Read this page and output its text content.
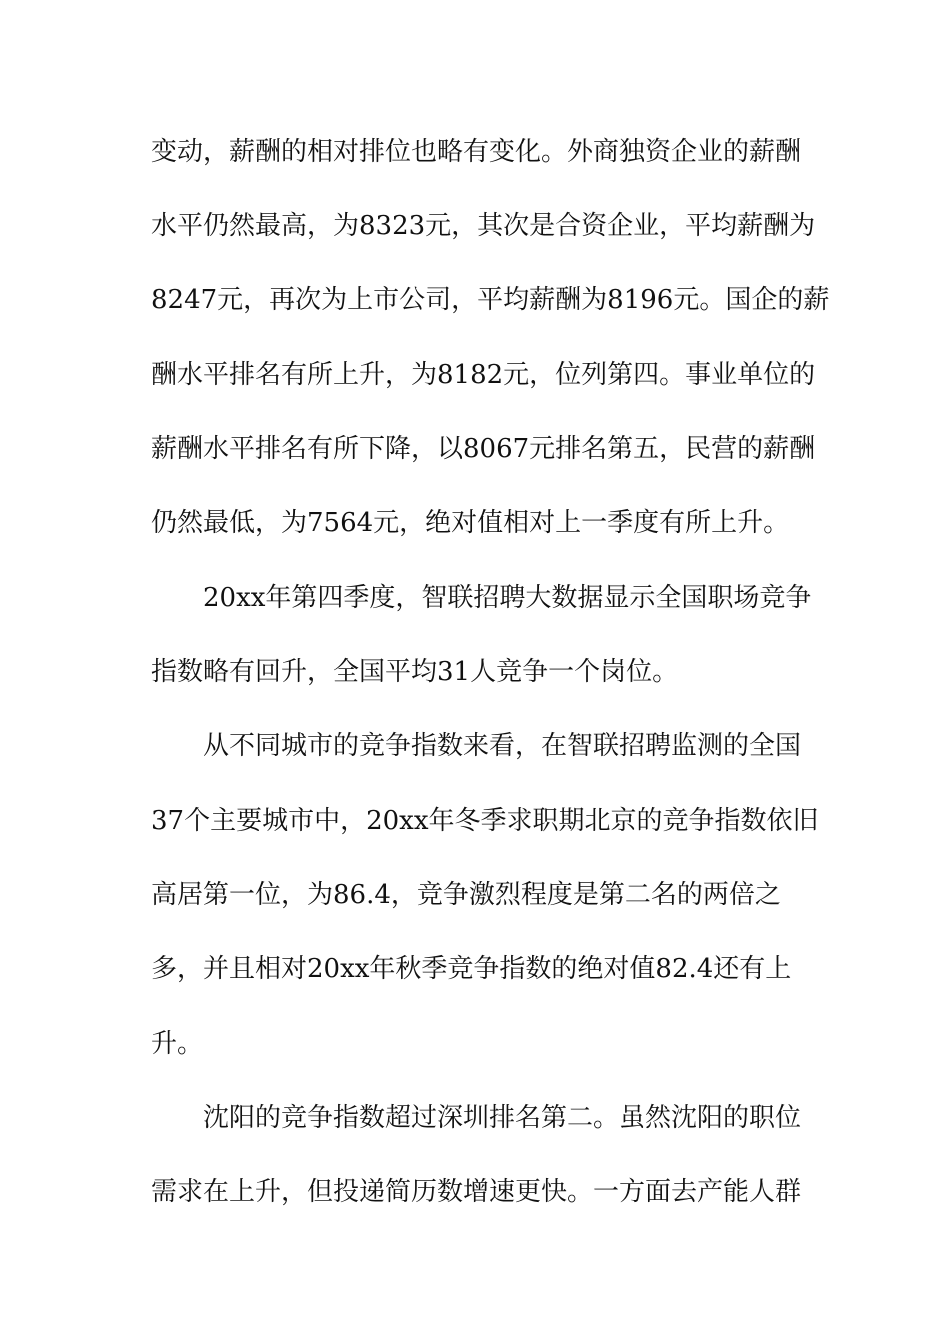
变动，薪酬的相对排位也略有变化。外商独资企业的薪酬
水平仍然最高，为8323元，其次是合资企业，平均薪酬为
8247元，再次为上市公司，平均薪酬为8196元。国企的薪
酬水平排名有所上升，为8182元，位列第四。事业单位的
薪酬水平排名有所下降，以8067元排名第五，民营的薪酬
仍然最低，为7564元，绝对值相对上一季度有所上升。
20xx年第四季度，智联招聘大数据显示全国职场竞争
指数略有回升，全国平均31人竞争一个岗位。
从不同城市的竞争指数来看，在智联招聘监测的全国
37个主要城市中，20xx年冬季求职期北京的竞争指数依旧
高居第一位，为86.4，竞争激烈程度是第二名的两倍之
多，并且相对20xx年秋季竞争指数的绝对值82.4还有上
升。
沈阳的竞争指数超过深圳排名第二。虽然沈阳的职位
需求在上升，但投递简历数增速更快。一方面去产能人群
